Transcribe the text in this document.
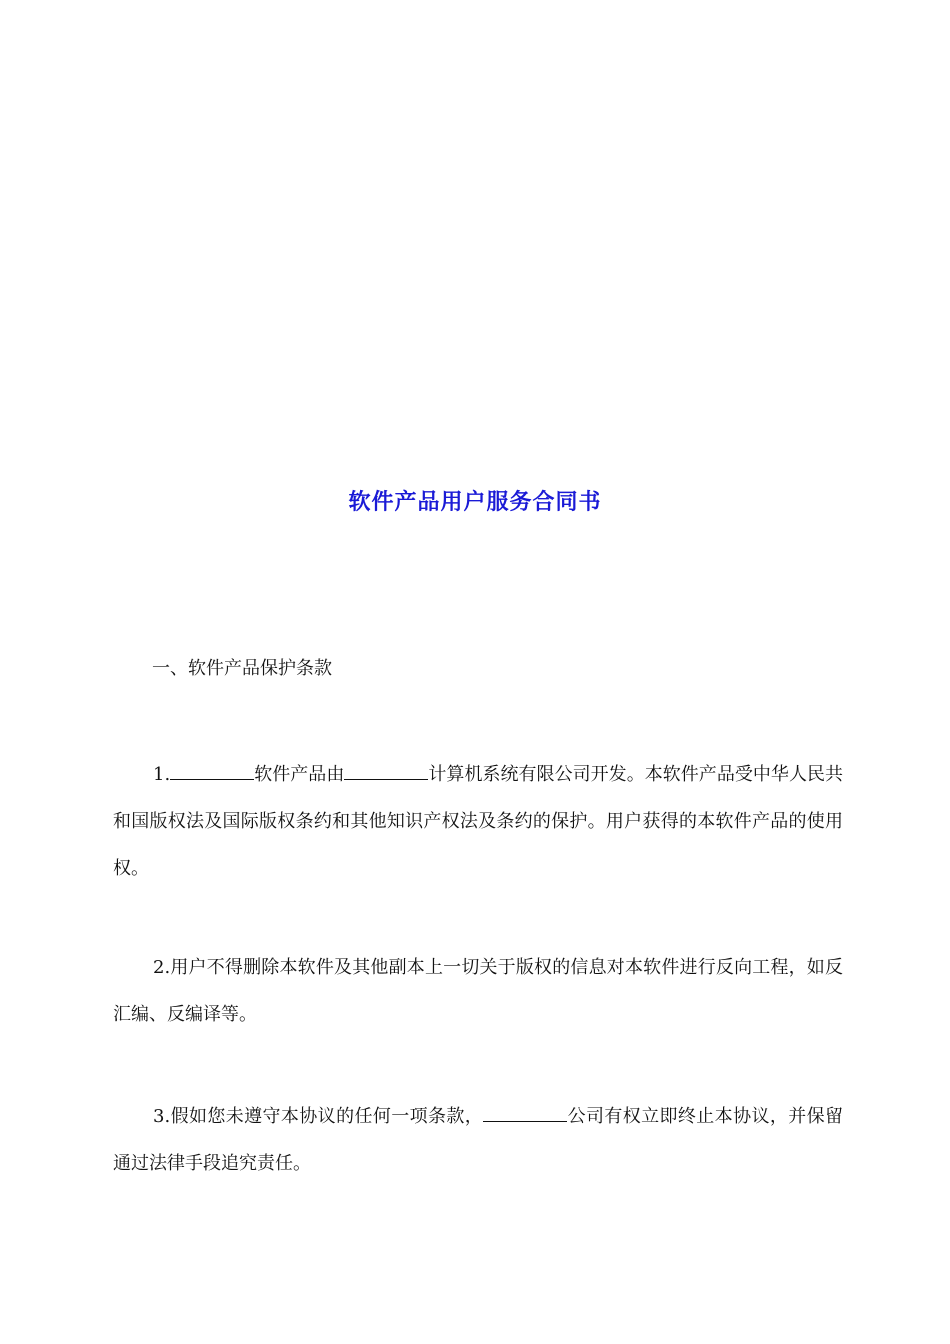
软件产品用户服务合同书
一、软件产品保护条款
1.	软件产品由	计算机系统有限公司开发。本软件产品受中华人民共和国版权法及国际版权条约和其他知识产权法及条约的保护。用户获得的本软件产品的使用权。
2.用户不得删除本软件及其他副本上一切关于版权的信息对本软件进行反向工程，如反汇编、反编译等。
3.假如您未遵守本协议的任何一项条款，	公司有权立即终止本协议，并保留通过法律手段追究责任。
